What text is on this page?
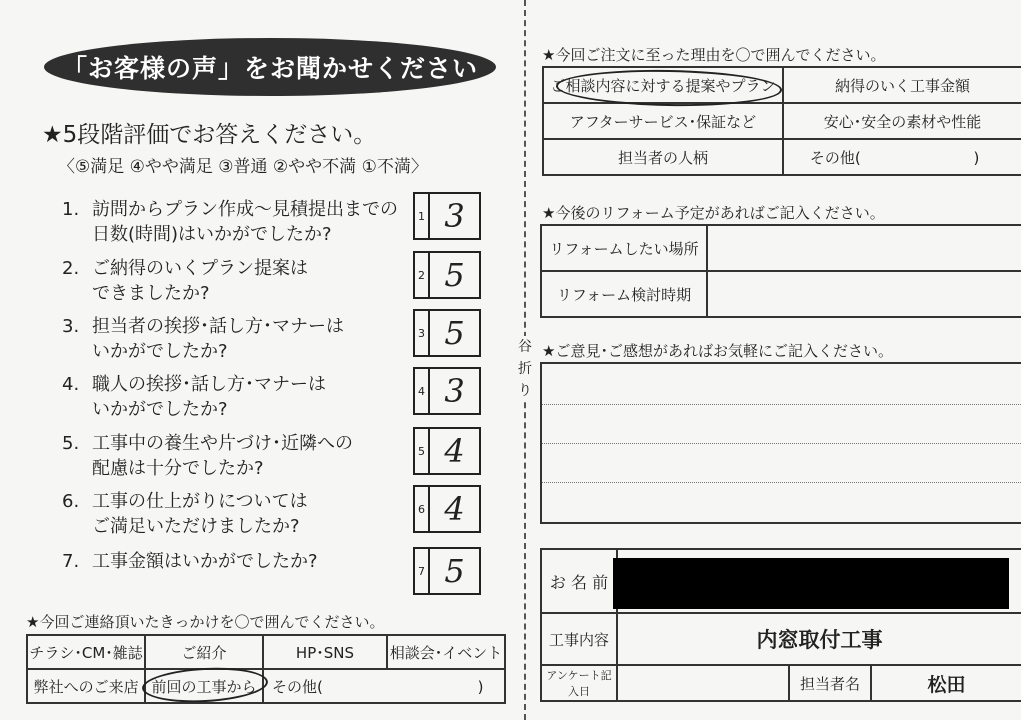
谷
折
り
「お客様の声」をお聞かせください
★5段階評価でお答えください。
〈⑤満足 ④やや満足 ③普通 ②やや不満 ①不満〉
1. 訪問からプラン作成～見積提出までの
日数(時間)はいかがでしたか?
1 3
2. ご納得のいくプラン提案は
できましたか?
2 5
3. 担当者の挨拶･話し方･マナーは
いかがでしたか?
3 5
4. 職人の挨拶･話し方･マナーは
いかがでしたか?
4 3
5. 工事中の養生や片づけ･近隣への
配慮は十分でしたか?
5 4
6. 工事の仕上がりについては
ご満足いただけましたか?
6 4
7. 工事金額はいかがでしたか?	7 5
★今回ご連絡頂いたきっかけを〇で囲んでください。
チラシ･CM･雑誌	ご紹介	HP･SNS	相談会･イベント
弊社へのご来店	前回の工事から	その他( )	
★今回ご注文に至った理由を〇で囲んでください。
ご相談内容に対する提案やプラン	納得のいく工事金額
アフターサービス･保証など	安心･安全の素材や性能
担当者の人柄	その他( )
★今後のリフォーム予定があればご記入ください。
リフォームしたい場所	
リフォーム検討時期	
★ご意見･ご感想があればお気軽にご記入ください。
お 名 前			
工事内容	内窓取付工事		
アンケート記入日		担当者名	松田
